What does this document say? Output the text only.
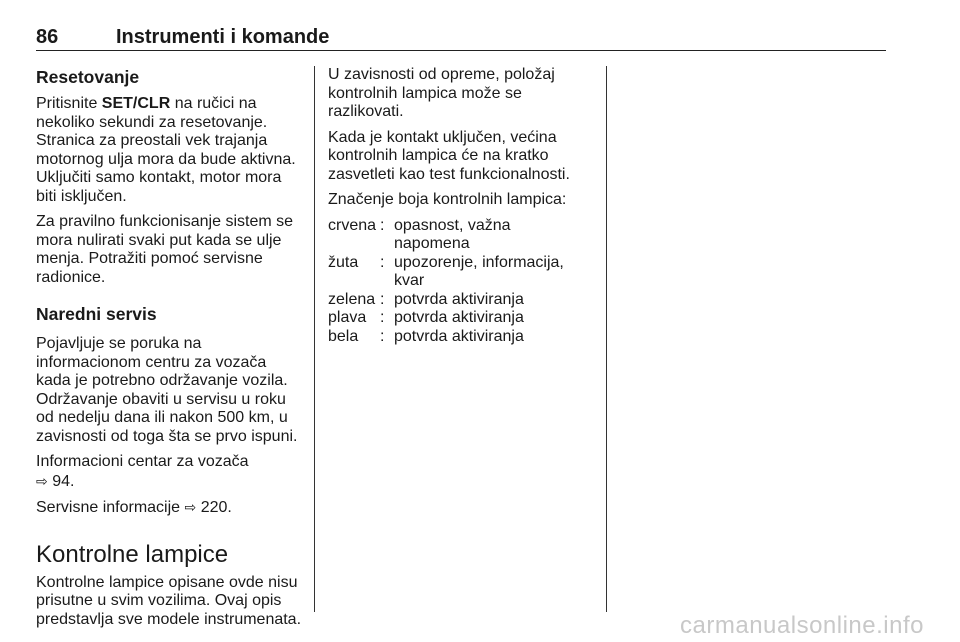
86	Instrumenti i komande
Resetovanje

Pritisnite SET/CLR na ručici na nekoliko sekundi za resetovanje. Stranica za preostali vek trajanja motornog ulja mora da bude aktivna. Uključiti samo kontakt, motor mora biti isključen.

Za pravilno funkcionisanje sistem se mora nulirati svaki put kada se ulje menja. Potražiti pomoć servisne radionice.

Naredni servis

Pojavljuje se poruka na informacionom centru za vozača kada je potrebno održavanje vozila. Održavanje obaviti u servisu u roku od nedelju dana ili nakon 500 km, u zavisnosti od toga šta se prvo ispuni.

Informacioni centar za vozača
⇨ 94.

Servisne informacije ⇨ 220.

Kontrolne lampice

Kontrolne lampice opisane ovde nisu prisutne u svim vozilima. Ovaj opis predstavlja sve modele instrumenata.

U zavisnosti od opreme, položaj kontrolnih lampica može se razlikovati.

Kada je kontakt uključen, većina kontrolnih lampica će na kratko zasvetleti kao test funkcionalnosti.

Značenje boja kontrolnih lampica:

crvena	:	opasnost, važna napomena
žuta	:	upozorenje, informacija, kvar
zelena	:	potvrda aktiviranja
plava	:	potvrda aktiviranja
bela	:	potvrda aktiviranja
carmanualsonline.info
